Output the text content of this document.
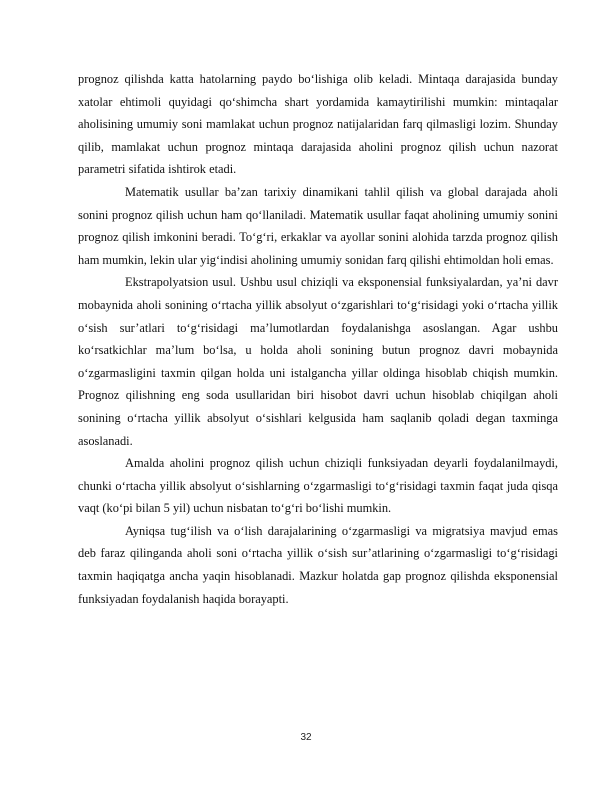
prognoz qilishda katta hatolarning paydo bo‘lishiga olib keladi. Mintaqa darajasida bunday xatolar ehtimoli quyidagi qo‘shimcha shart yordamida kamaytirilishi mumkin: mintaqalar aholisining umumiy soni mamlakat uchun prognoz natijalaridan farq qilmasligi lozim. Shunday qilib, mamlakat uchun prognoz mintaqa darajasida aholini prognoz qilish uchun nazorat parametri sifatida ishtirok etadi.

Matematik usullar ba’zan tarixiy dinamikani tahlil qilish va global darajada aholi sonini prognoz qilish uchun ham qo‘llaniladi. Matematik usullar faqat aholining umumiy sonini prognoz qilish imkonini beradi. To‘g‘ri, erkaklar va ayollar sonini alohida tarzda prognoz qilish ham mumkin, lekin ular yig‘indisi aholining umumiy sonidan farq qilishi ehtimoldan holi emas.

Ekstrapolyatsion usul. Ushbu usul chiziqli va eksponensial funksiyalardan, ya’ni davr mobaynida aholi sonining o‘rtacha yillik absolyut o‘zgarishlari to‘g‘risidagi yoki o‘rtacha yillik o‘sish sur’atlari to‘g‘risidagi ma’lumotlardan foydalanishga asoslangan. Agar ushbu ko‘rsatkichlar ma’lum bo‘lsa, u holda aholi sonining butun prognoz davri mobaynida o‘zgarmasligini taxmin qilgan holda uni istalgancha yillar oldinga hisoblab chiqish mumkin. Prognoz qilishning eng soda usullaridan biri hisobot davri uchun hisoblab chiqilgan aholi sonining o‘rtacha yillik absolyut o‘sishlari kelgusida ham saqlanib qoladi degan taxminga asoslanadi.

Amalda aholini prognoz qilish uchun chiziqli funksiyadan deyarli foydalanilmaydi, chunki o‘rtacha yillik absolyut o‘sishlarning o‘zgarmasligi to‘g‘risidagi taxmin faqat juda qisqa vaqt (ko‘pi bilan 5 yil) uchun nisbatan to‘g‘ri bo‘lishi mumkin.

Ayniqsa tug‘ilish va o‘lish darajalarining o‘zgarmasligi va migratsiya mavjud emas deb faraz qilinganda aholi soni o‘rtacha yillik o‘sish sur’atlarining o‘zgarmasligi to‘g‘risidagi taxmin haqiqatga ancha yaqin hisoblanadi. Mazkur holatda gap prognoz qilishda eksponensial funksiyadan foydalanish haqida borayapti.

32
